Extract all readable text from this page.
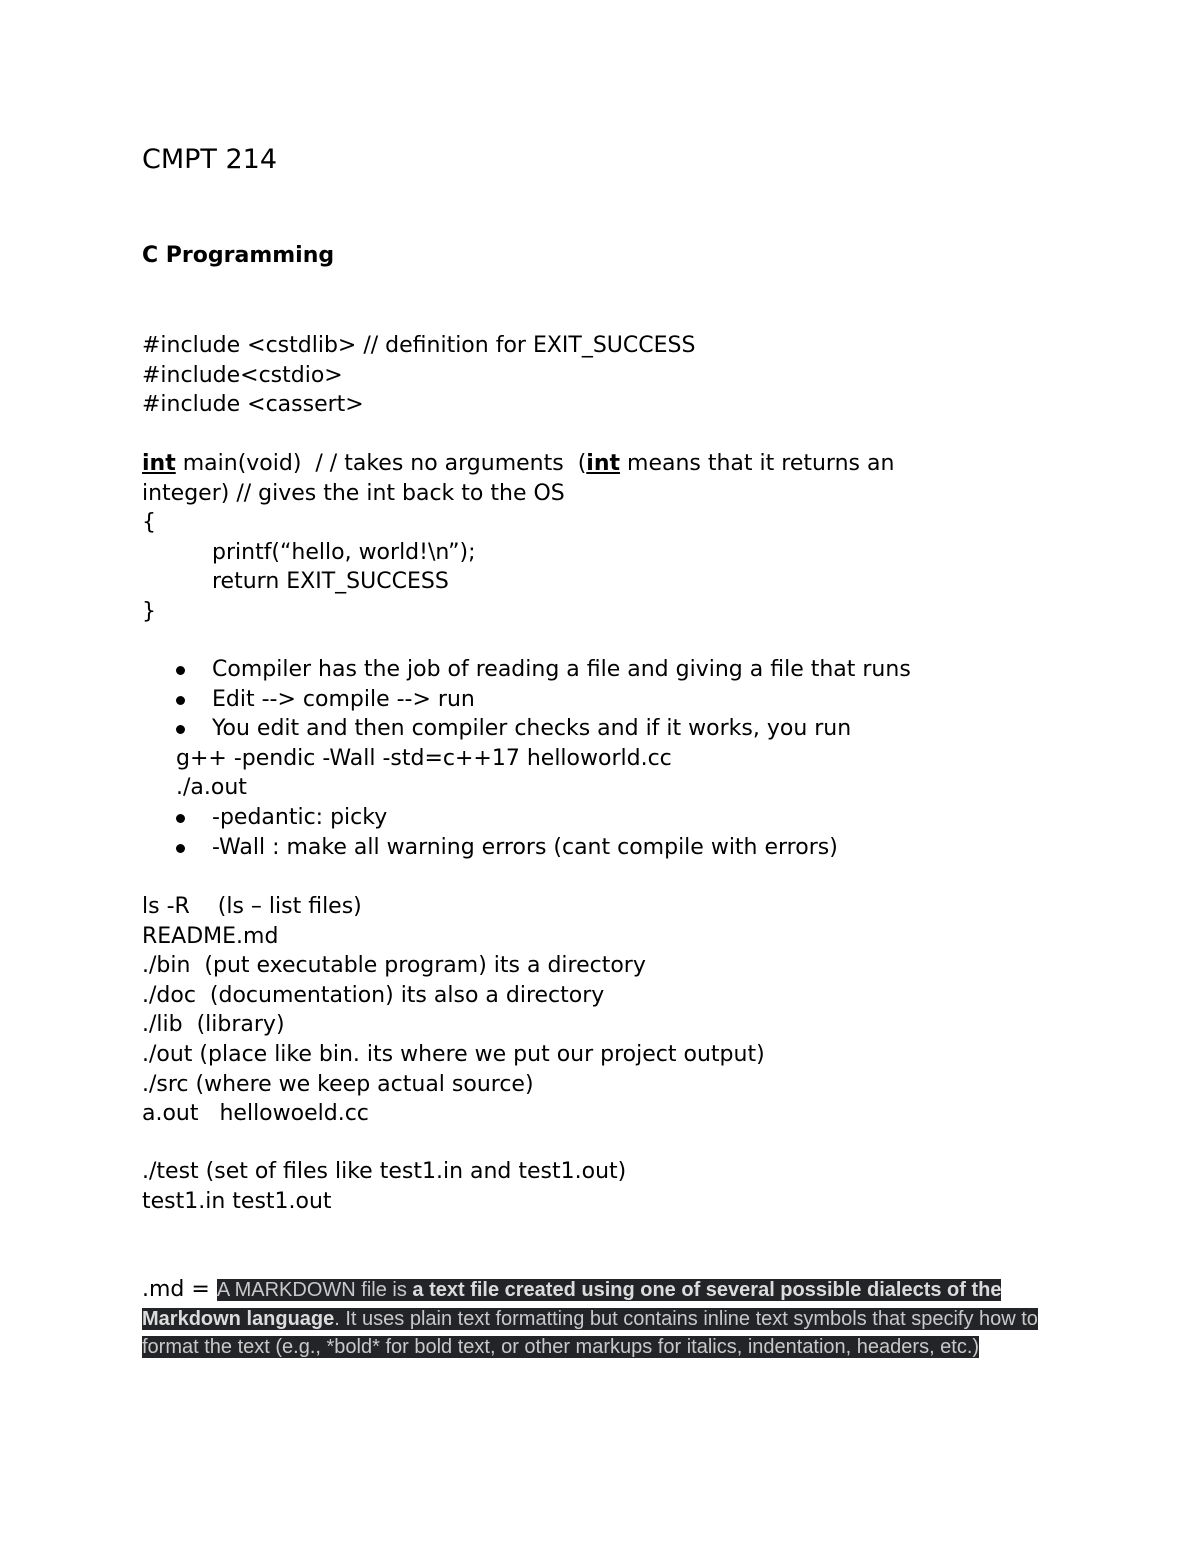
CMPT 214
C Programming
#include <cstdlib> // definition for EXIT_SUCCESS
#include<cstdio>
#include <cassert>
int main(void)  / / takes no arguments  (int means that it returns an
integer) // gives the int back to the OS
{
printf(“hello, world!\n”);
return EXIT_SUCCESS
}
Compiler has the job of reading a file and giving a file that runs
Edit --> compile --> run
You edit and then compiler checks and if it works, you run
g++ -pendic -Wall -std=c++17 helloworld.cc
./a.out
-pedantic: picky
-Wall : make all warning errors (cant compile with errors)
ls -R    (ls – list files)
README.md
./bin  (put executable program) its a directory
./doc  (documentation) its also a directory
./lib  (library)
./out (place like bin. its where we put our project output)
./src (where we keep actual source)
a.out   hellowoeld.cc
./test (set of files like test1.in and test1.out)
test1.in test1.out
.md = A MARKDOWN file is a text file created using one of several possible dialects of the Markdown language. It uses plain text formatting but contains inline text symbols that specify how to format the text (e.g., *bold* for bold text, or other markups for italics, indentation, headers, etc.)
